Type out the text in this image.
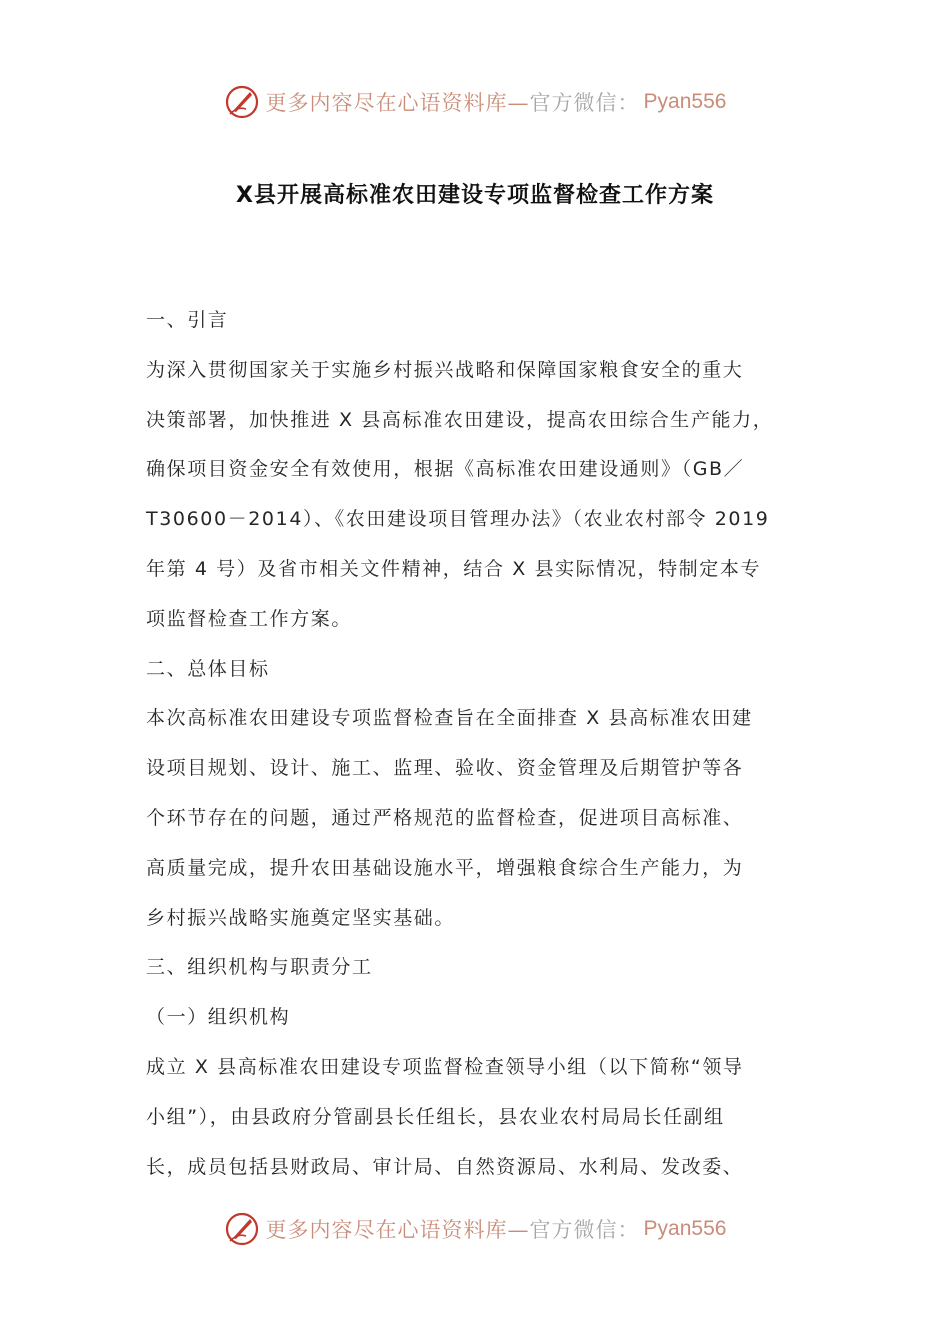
更多内容尽在心语资料库— 官方微信： Pyan556
X县开展高标准农田建设专项监督检查工作方案
一、引言
为深入贯彻国家关于实施乡村振兴战略和保障国家粮食安全的重大
决策部署，加快推进 X 县高标准农田建设，提高农田综合生产能力，
确保项目资金安全有效使用，根据《高标准农田建设通则》（GB／
T30600－2014）、《农田建设项目管理办法》（农业农村部令 2019
年第 4 号）及省市相关文件精神，结合 X 县实际情况，特制定本专
项监督检查工作方案。
二、总体目标
本次高标准农田建设专项监督检查旨在全面排查 X 县高标准农田建
设项目规划、设计、施工、监理、验收、资金管理及后期管护等各
个环节存在的问题，通过严格规范的监督检查，促进项目高标准、
高质量完成，提升农田基础设施水平，增强粮食综合生产能力，为
乡村振兴战略实施奠定坚实基础。
三、组织机构与职责分工
（一）组织机构
成立 X 县高标准农田建设专项监督检查领导小组（以下简称“领导
小组”），由县政府分管副县长任组长，县农业农村局局长任副组
长，成员包括县财政局、审计局、自然资源局、水利局、发改委、
更多内容尽在心语资料库— 官方微信： Pyan556
